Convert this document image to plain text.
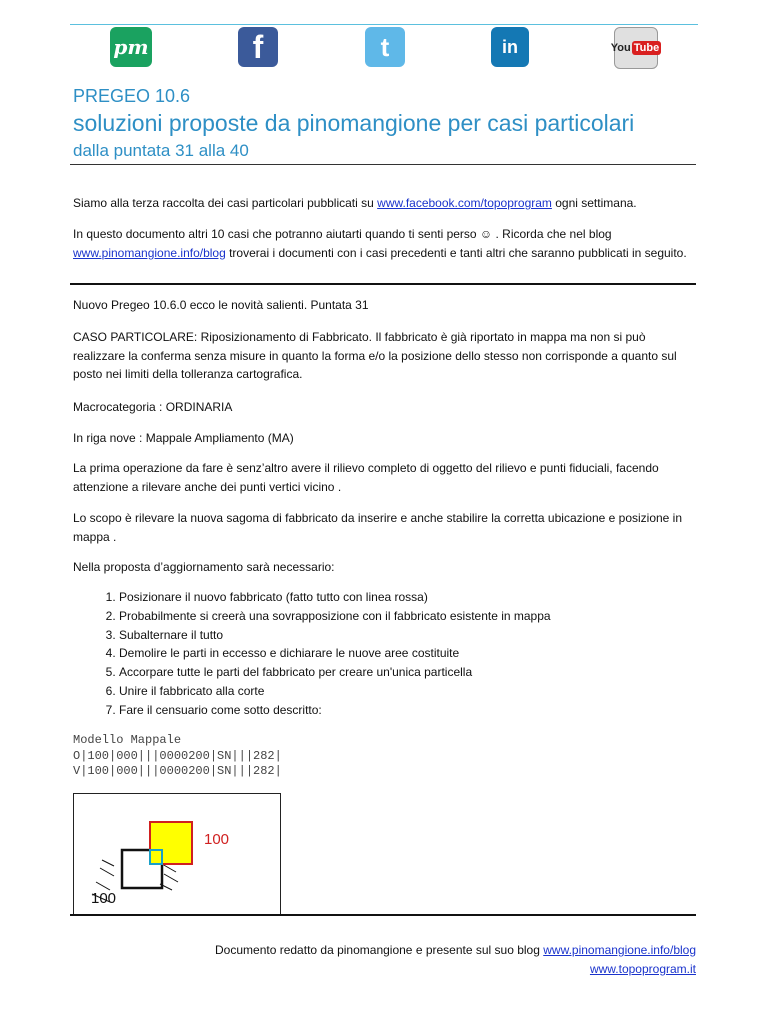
pm	f	t	in	You Tube
PREGEO 10.6
soluzioni proposte da pinomangione per casi particolari
dalla puntata 31 alla 40
Siamo alla terza raccolta dei casi particolari pubblicati su www.facebook.com/topoprogram ogni settimana.
In questo documento altri 10 casi che potranno aiutarti quando ti senti perso ☺ . Ricorda che nel blog
www.pinomangione.info/blog troverai i documenti con i casi precedenti e tanti altri che saranno pubblicati in seguito.
Nuovo Pregeo 10.6.0 ecco le novità salienti. Puntata 31
CASO PARTICOLARE: Riposizionamento di Fabbricato. Il fabbricato è già riportato in mappa ma non si può realizzare la conferma senza misure in quanto la forma e/o la posizione dello stesso non corrisponde a quanto sul posto nei limiti della tolleranza cartografica.
Macrocategoria : ORDINARIA
In riga nove : Mappale Ampliamento (MA)
La prima operazione da fare è senz’altro avere il rilievo completo di oggetto del rilievo e punti fiduciali, facendo attenzione a rilevare anche dei punti vertici vicino .
Lo scopo è rilevare la nuova sagoma di fabbricato da inserire e anche stabilire la corretta ubicazione e posizione in mappa .
Nella proposta d’aggiornamento sarà necessario:
1. Posizionare il nuovo fabbricato (fatto tutto con linea rossa)
2. Probabilmente si creerà una sovrapposizione con il fabbricato esistente in mappa
3. Subalternare il tutto
4. Demolire le parti in eccesso e dichiarare le nuove aree costituite
5. Accorpare tutte le parti del fabbricato per creare un'unica particella
6. Unire il fabbricato alla corte
7. Fare il censuario come sotto descritto:
Modello Mappale
O|100|000|||0000200|SN|||282|
V|100|000|||0000200|SN|||282|
100
100
Documento redatto da pinomangione e presente sul suo blog www.pinomangione.info/blog
www.topoprogram.it
